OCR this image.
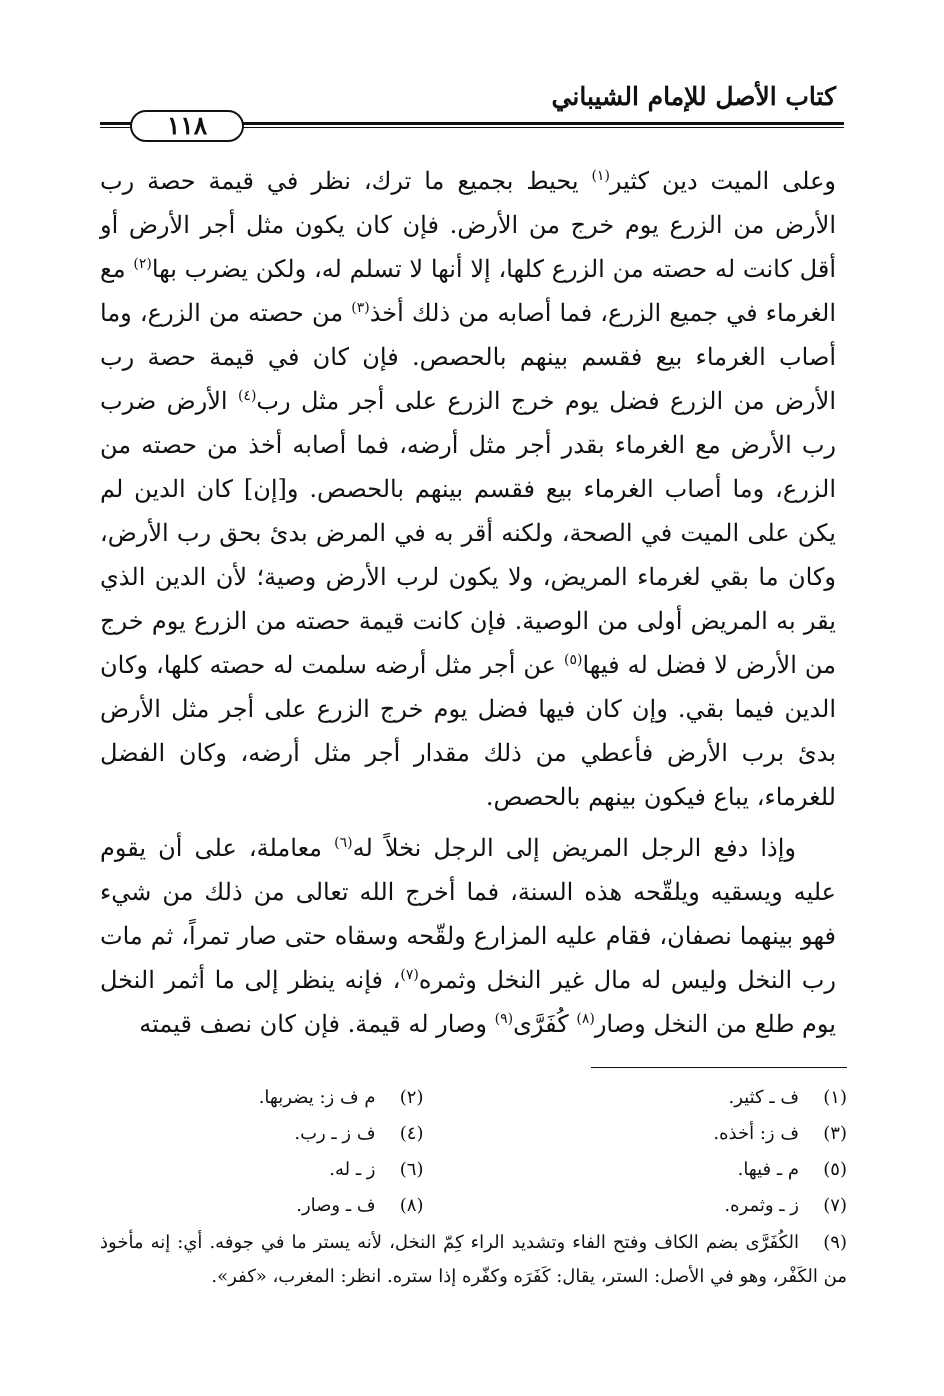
كتاب الأصل للإمام الشيباني
١١٨
وعلى الميت دين كثير$^{(١)}$ يحيط بجميع ما ترك، نظر في قيمة حصة رب الأرض من الزرع يوم خرج من الأرض. فإن كان يكون مثل أجر الأرض أو أقل كانت له حصته من الزرع كلها، إلا أنها لا تسلم له، ولكن يضرب بها$^{(٢)}$ مع الغرماء في جميع الزرع، فما أصابه من ذلك أخذ$^{(٣)}$ من حصته من الزرع، وما أصاب الغرماء بيع فقسم بينهم بالحصص. فإن كان في قيمة حصة رب الأرض من الزرع فضل يوم خرج الزرع على أجر مثل رب$^{(٤)}$ الأرض ضرب رب الأرض مع الغرماء بقدر أجر مثل أرضه، فما أصابه أخذ من حصته من الزرع، وما أصاب الغرماء بيع فقسم بينهم بالحصص. و[إن] كان الدين لم يكن على الميت في الصحة، ولكنه أقر به في المرض بدئ بحق رب الأرض، وكان ما بقي لغرماء المريض، ولا يكون لرب الأرض وصية؛ لأن الدين الذي يقر به المريض أولى من الوصية. فإن كانت قيمة حصته من الزرع يوم خرج من الأرض لا فضل له فيها$^{(٥)}$ عن أجر مثل أرضه سلمت له حصته كلها، وكان الدين فيما بقي. وإن كان فيها فضل يوم خرج الزرع على أجر مثل الأرض بدئ برب الأرض فأعطي من ذلك مقدار أجر مثل أرضه، وكان الفضل للغرماء، يباع فيكون بينهم بالحصص.
وإذا دفع الرجل المريض إلى الرجل نخلاً له$^{(٦)}$ معاملة، على أن يقوم عليه ويسقيه ويلقّحه هذه السنة، فما أخرج الله تعالى من ذلك من شيء فهو بينهما نصفان، فقام عليه المزارع ولقّحه وسقاه حتى صار تمراً، ثم مات رب النخل وليس له مال غير النخل وثمره$^{(٧)}$، فإنه ينظر إلى ما أثمر النخل يوم طلع من النخل وصار$^{(٨)}$ كُفَرَّى$^{(٩)}$ وصار له قيمة. فإن كان نصف قيمته
(١)ف ـ كثير.
(٢)م ف ز: يضربها.
(٣)ف ز: أخذه.
(٤)ف ز ـ رب.
(٥)م ـ فيها.
(٦)ز ـ له.
(٧)ز ـ وثمره.
(٨)ف ـ وصار.
(٩)الكُفَرَّى بضم الكاف وفتح الفاء وتشديد الراء كِمّ النخل، لأنه يستر ما في جوفه. أي: إنه مأخوذ من الكَفْر، وهو في الأصل: الستر، يقال: كَفَرَه وكفّره إذا ستره. انظر: المغرب، «كفر».
